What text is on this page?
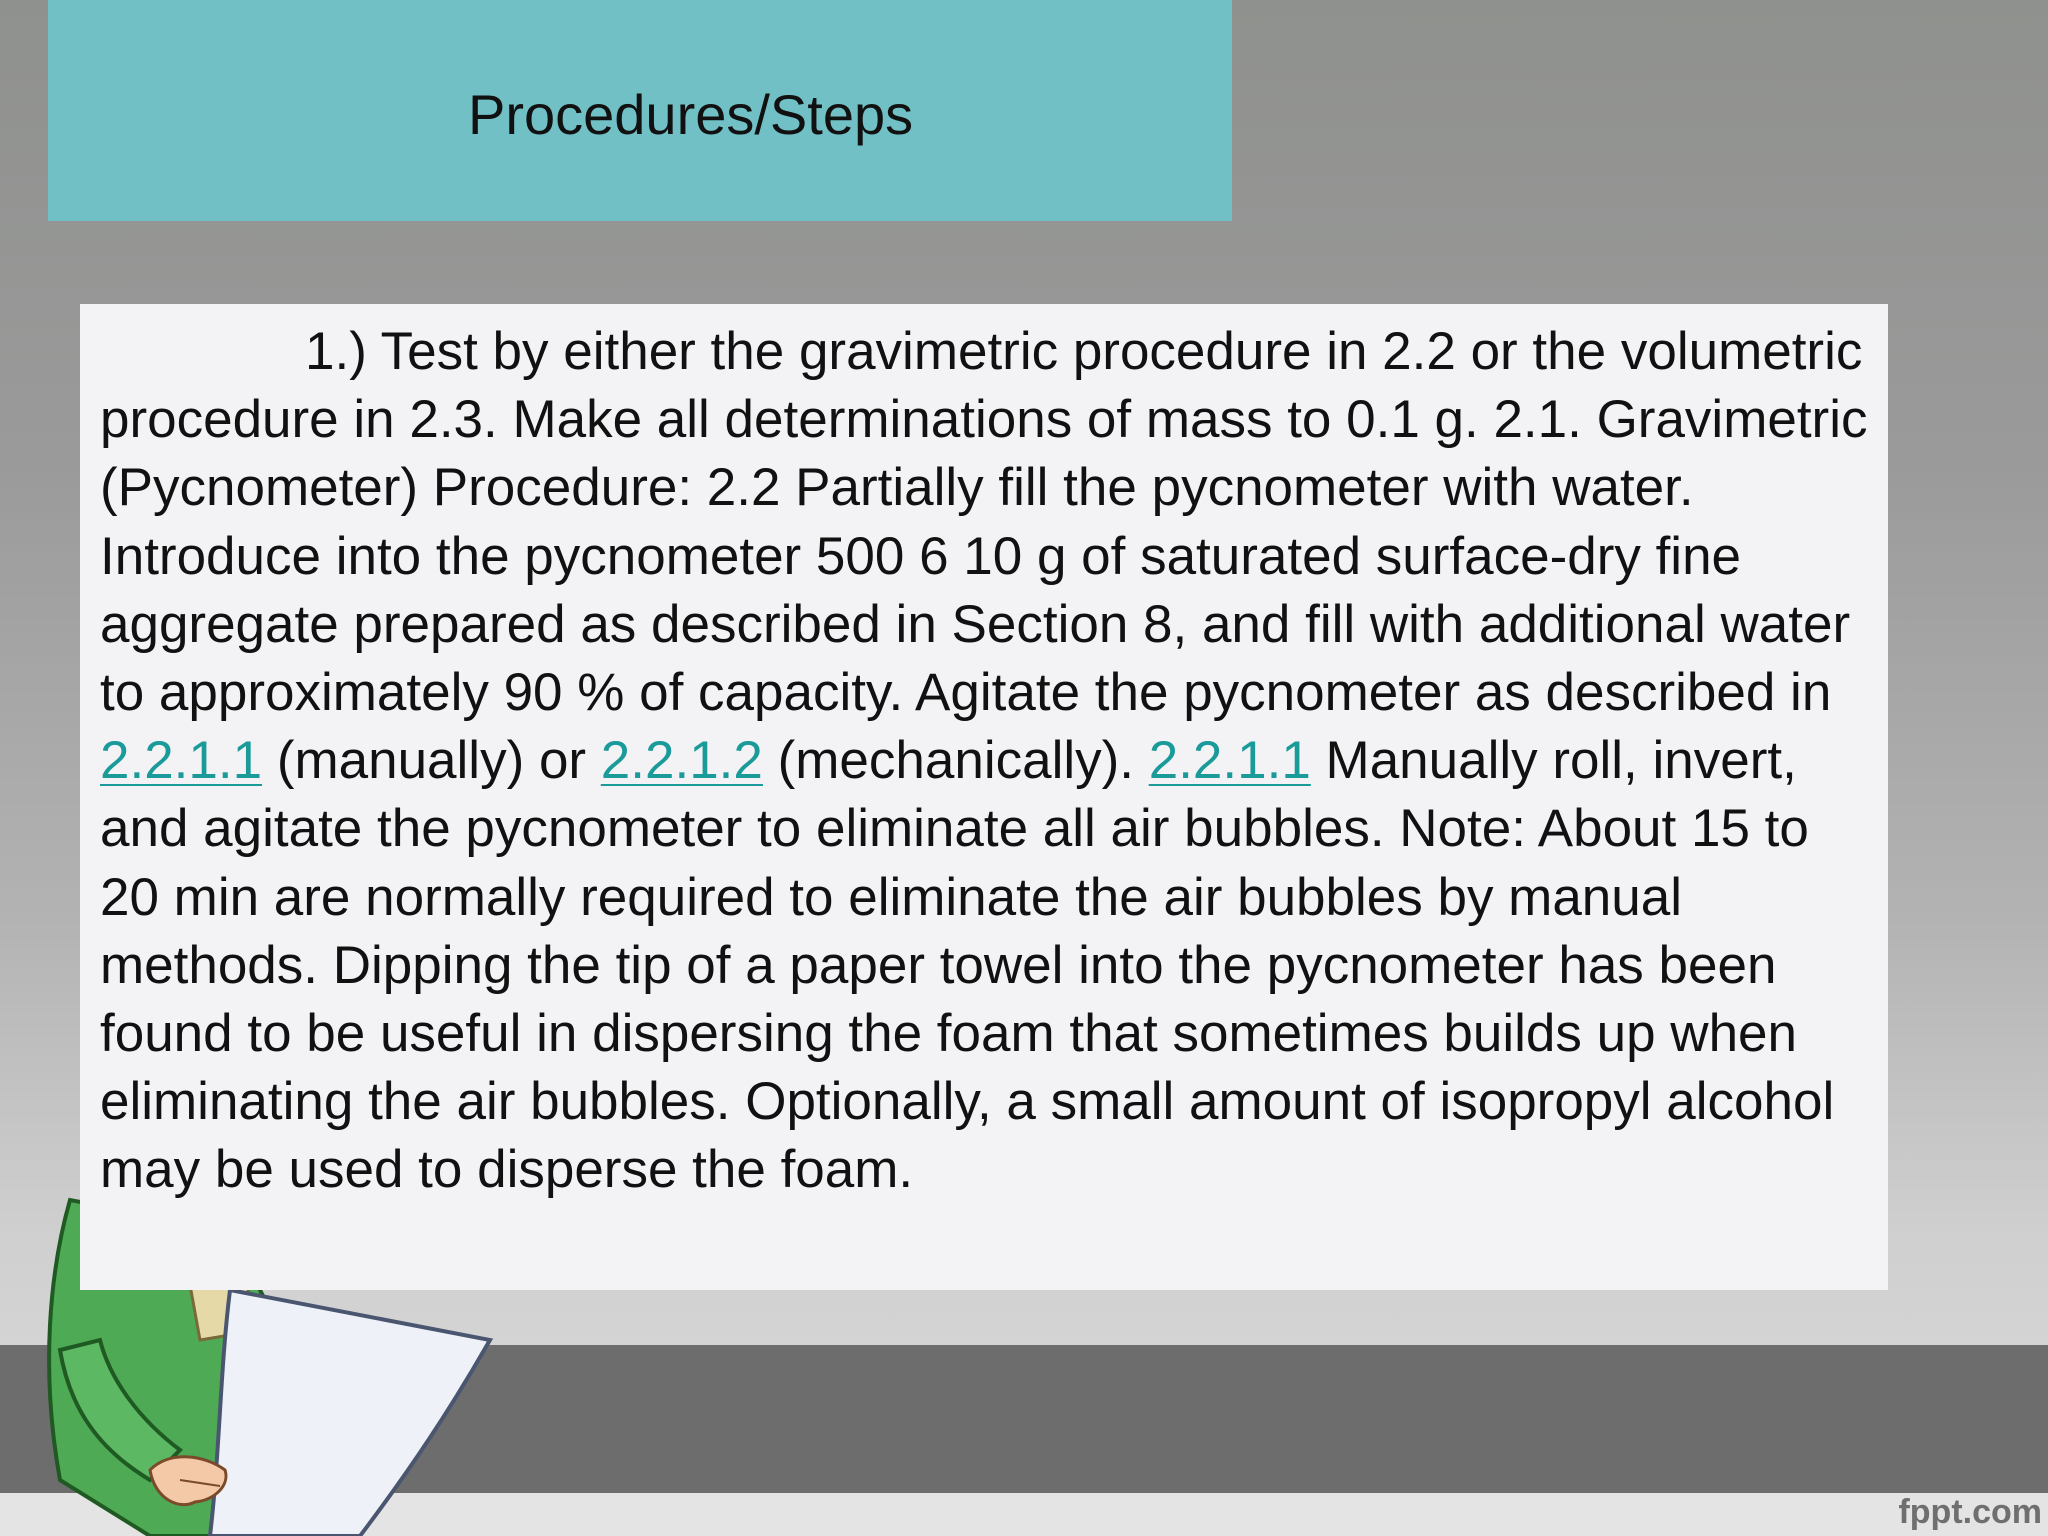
Procedures/Steps

1.) Test by either the gravimetric procedure in 2.2 or the volumetric procedure in 2.3. Make all determinations of mass to 0.1 g. 2.1. Gravimetric (Pycnometer) Procedure: 2.2 Partially fill the pycnometer with water. Introduce into the pycnometer 500 6 10 g of saturated surface-dry fine aggregate prepared as described in Section 8, and fill with additional water to approximately 90 % of capacity. Agitate the pycnometer as described in 2.2.1.1 (manually) or 2.2.1.2 (mechanically). 2.2.1.1 Manually roll, invert, and agitate the pycnometer to eliminate all air bubbles. Note: About 15 to 20 min are normally required to eliminate the air bubbles by manual methods. Dipping the tip of a paper towel into the pycnometer has been found to be useful in dispersing the foam that sometimes builds up when eliminating the air bubbles. Optionally, a small amount of isopropyl alcohol may be used to disperse the foam.

fppt.com
